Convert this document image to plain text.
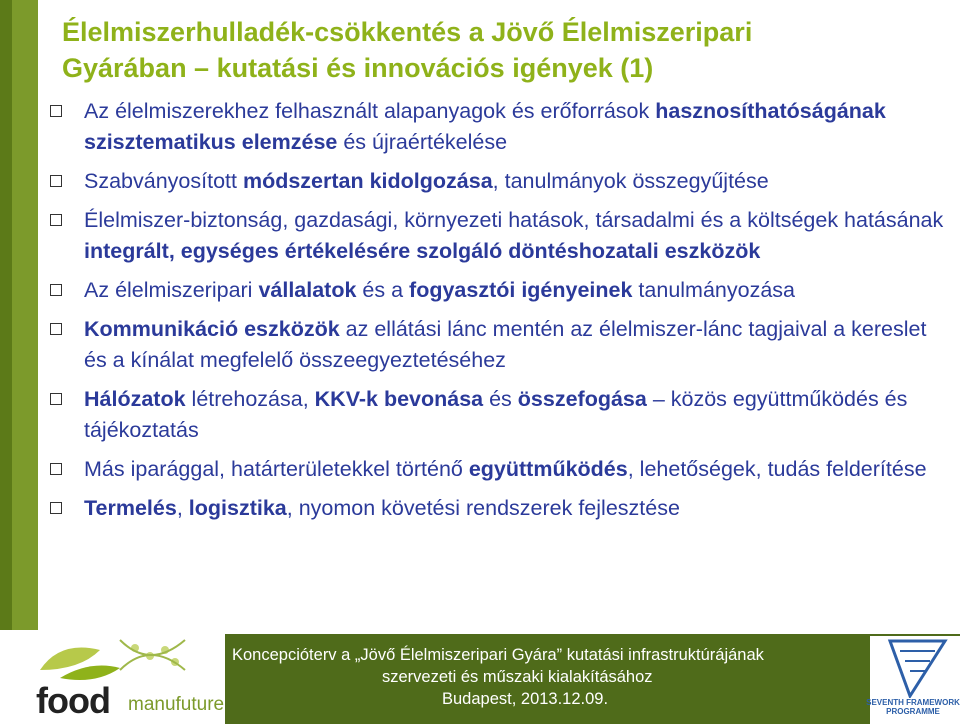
Élelmiszerhulladék-csökkentés a Jövő Élelmiszeripari
Gyárában – kutatási és innovációs igények (1)
Az élelmiszerekhez felhasznált alapanyagok és erőforrások hasznosíthatóságának szisztematikus elemzése és újraértékelése
Szabványosított módszertan kidolgozása, tanulmányok összegyűjtése
Élelmiszer-biztonság, gazdasági, környezeti hatások, társadalmi és a költségek hatásának integrált, egységes értékelésére szolgáló döntéshozatali eszközök
Az élelmiszeripari vállalatok és a fogyasztói igényeinek tanulmányozása
Kommunikáció eszközök az ellátási lánc mentén az élelmiszer-lánc tagjaival a kereslet és a kínálat megfelelő összeegyeztetéséhez
Hálózatok létrehozása, KKV-k bevonása és összefogása – közös együttműködés és tájékoztatás
Más iparággal, határterületekkel történő együttműködés, lehetőségek, tudás felderítése
Termelés, logisztika, nyomon követési rendszerek fejlesztése
Koncepcióterv a „Jövő Élelmiszeripari Gyára” kutatási infrastruktúrájának
szervezeti és műszaki kialakításához
Budapest, 2013.12.09.
food manufuture	SEVENTH FRAMEWORK
PROGRAMME
